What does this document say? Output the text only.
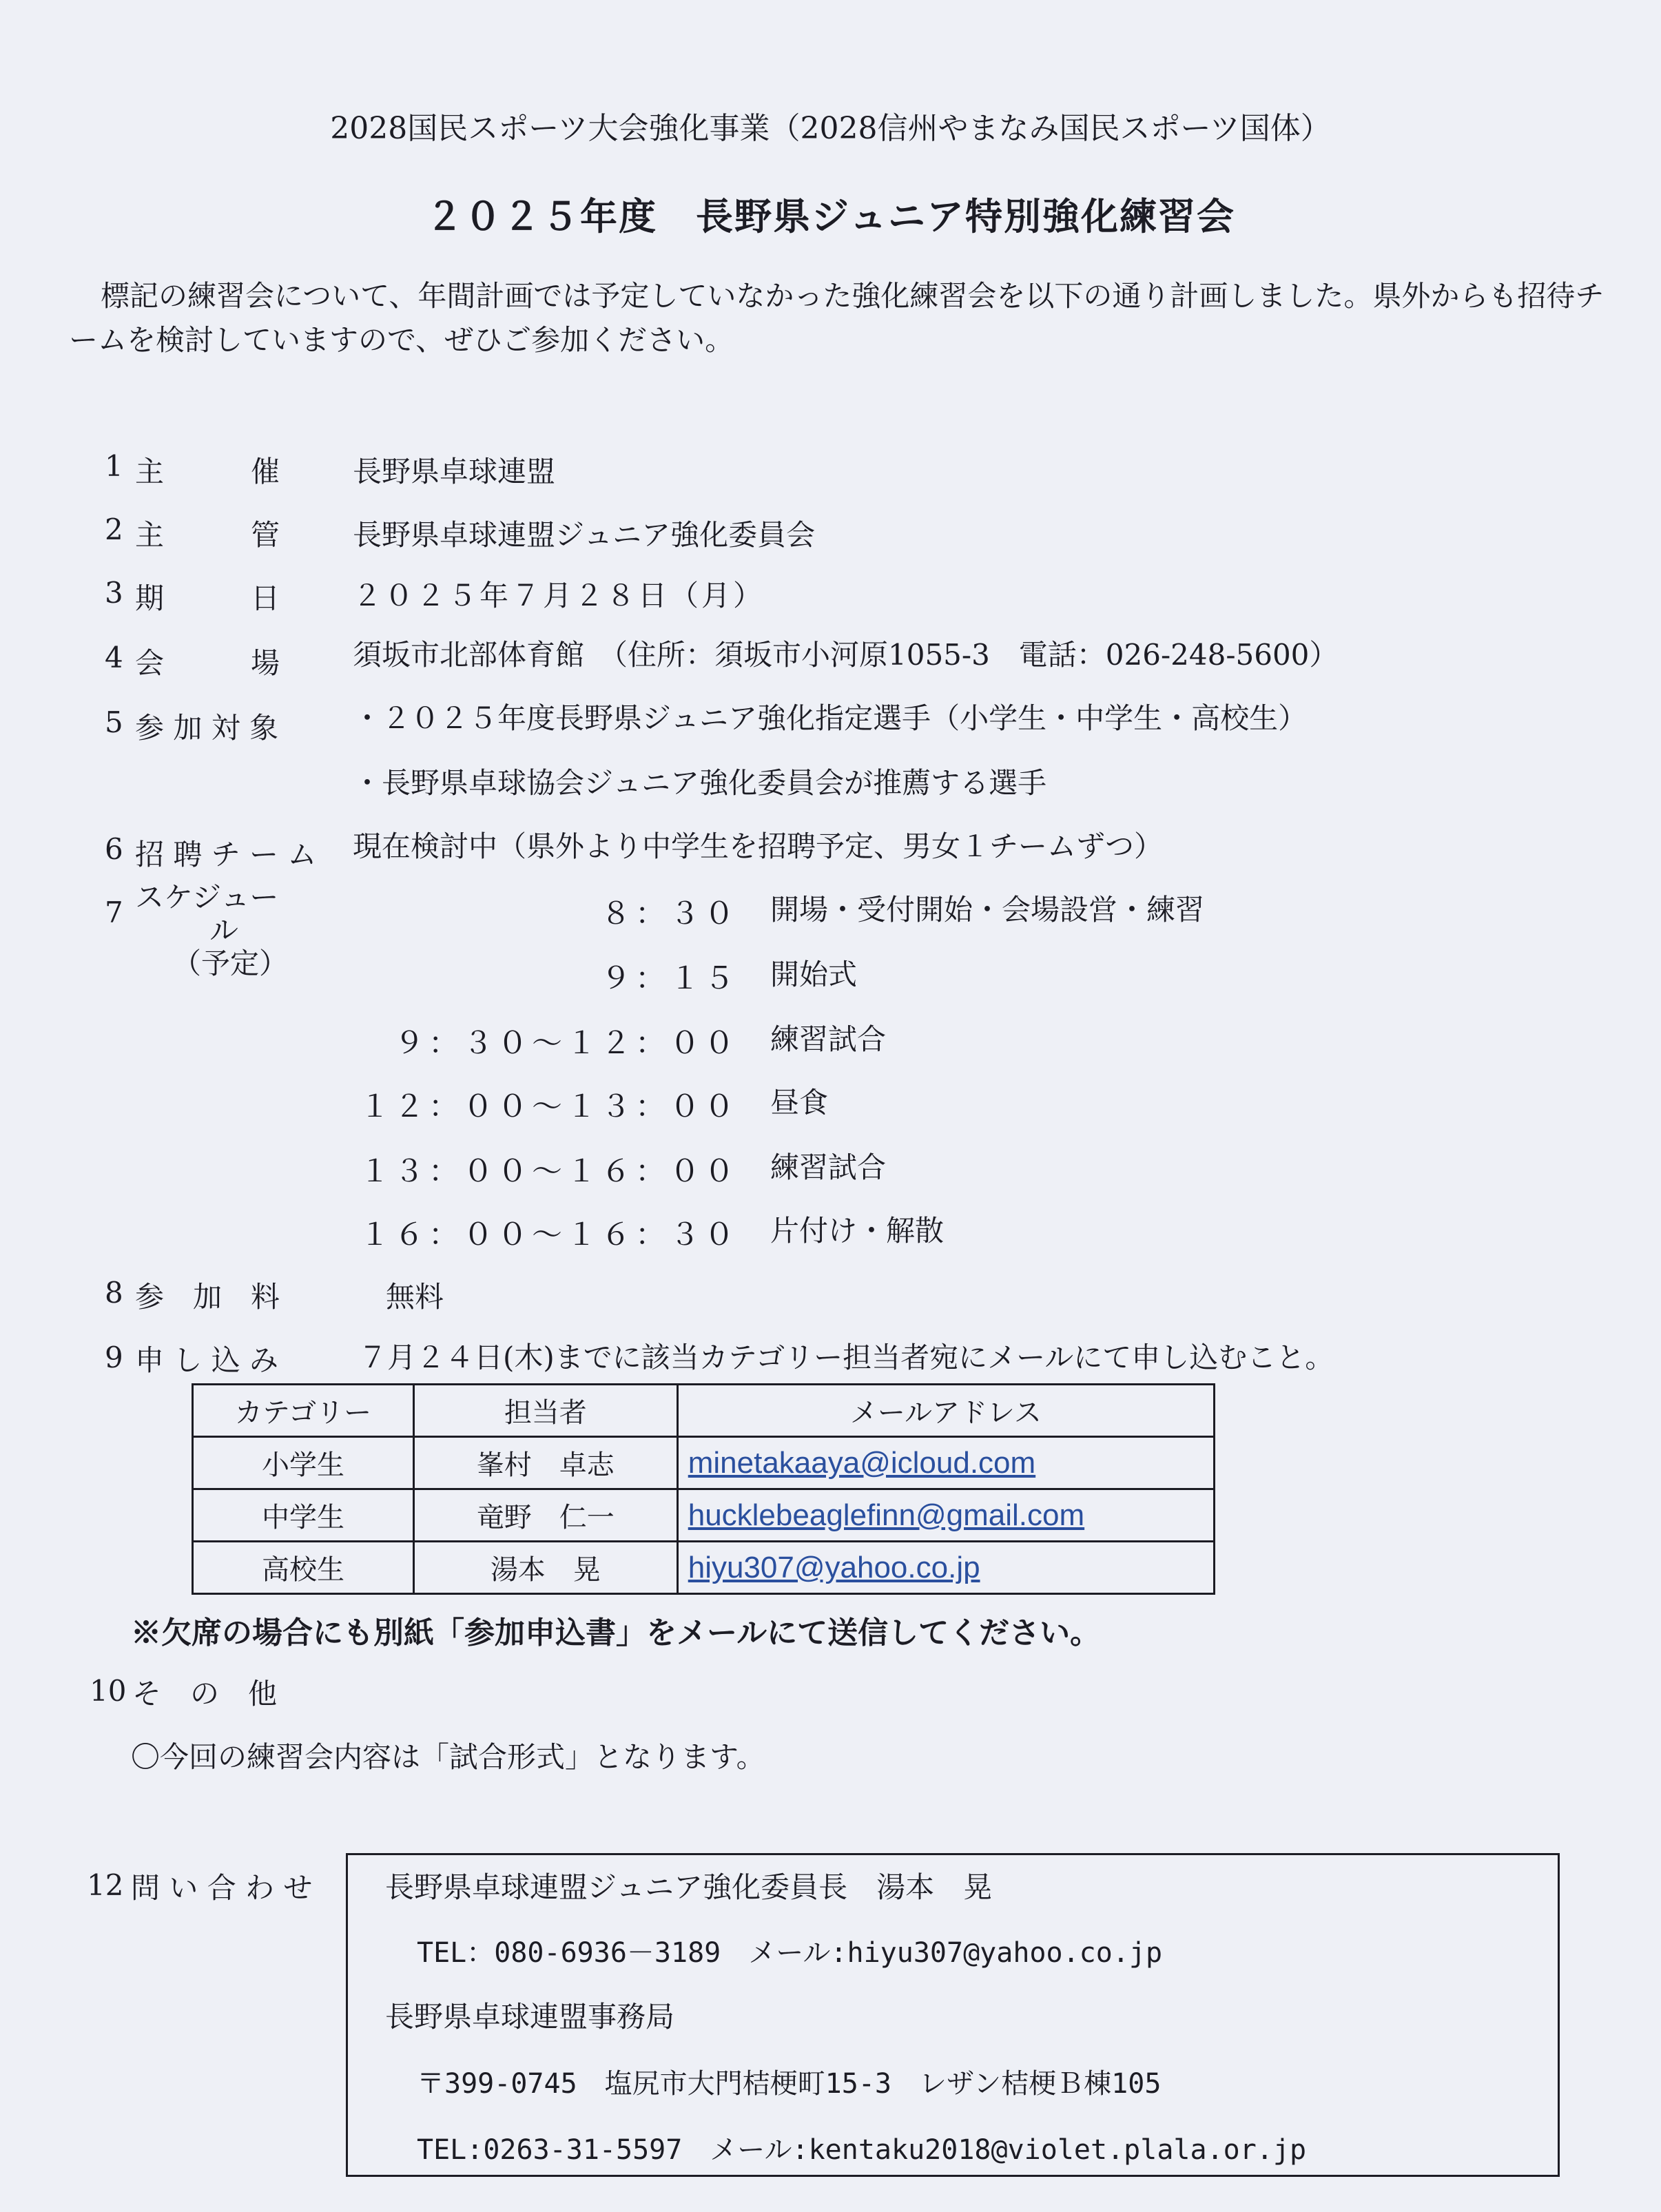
2028国民スポーツ大会強化事業（2028信州やまなみ国民スポーツ国体）
２０２５年度　長野県ジュニア特別強化練習会
標記の練習会について、年間計画では予定していなかった強化練習会を以下の通り計画しました。県外からも招待チームを検討していますので、ぜひご参加ください。
1 主　　　催	長野県卓球連盟
2 主　　　管	長野県卓球連盟ジュニア強化委員会
3 期　　　日	２０２５年７月２８日（月）
4 会　　　場	須坂市北部体育館　（住所：須坂市小河原1055-3　電話：026-248-5600）
5 参 加 対 象	・２０２５年度長野県ジュニア強化指定選手（小学生・中学生・高校生）
・長野県卓球協会ジュニア強化委員会が推薦する選手
6 招 聘 チ ー ム 現在検討中（県外より中学生を招聘予定、男女１チームずつ）
7 スケジュー
ル
（予定）
８：３０ 開場・受付開始・会場設営・練習
９：１５ 開始式
９：３０～１２：００ 練習試合
１２：００～１３：００ 昼食
１３：００～１６：００ 練習試合
１６：００～１６：３０ 片付け・解散
8 参　加　料	無料
9 申 し 込 み	７月２４日(木)までに該当カテゴリー担当者宛にメールにて申し込むこと。
カテゴリー	担当者	メールアドレス
小学生	峯村　卓志	minetakaaya@icloud.com
中学生	竜野　仁一	hucklebeaglefinn@gmail.com
高校生	湯本　晃	hiyu307@yahoo.co.jp
※欠席の場合にも別紙「参加申込書」をメールにて送信してください。
10 そ　の　他
〇今回の練習会内容は「試合形式」となります。
12 問 い 合 わ せ	長野県卓球連盟ジュニア強化委員長　湯本　晃
TEL：080-6936－3189　メール:hiyu307@yahoo.co.jp
長野県卓球連盟事務局
〒399-0745　塩尻市大門桔梗町15-3　レザン桔梗Ｂ棟105
TEL:0263-31-5597　メール:kentaku2018@violet.plala.or.jp
